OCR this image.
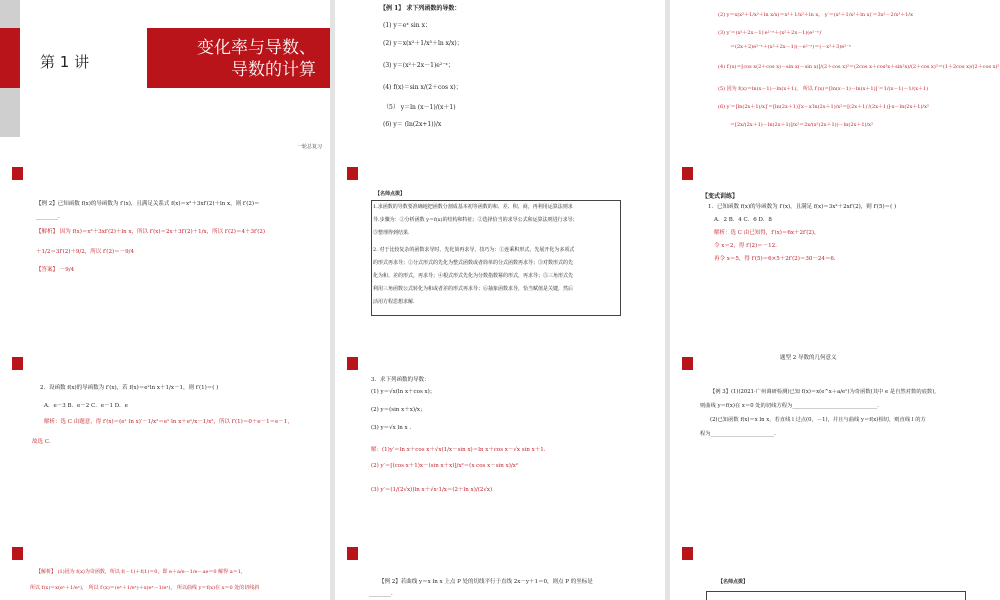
第 1 讲
变化率与导数、
导数的计算
一轮总复习
【例 1】 求下列函数的导数：
(1) y＝eˣ sin x；
(2) y＝x(x²＋1/x³＋ln x/x)；
(3) y＝(x²＋2x－1)e²⁻ˣ；
(4) f(x)＝sin x/(2＋cos x)；
（5） y＝ln (x－1)/(x＋1)
(6) y＝ (ln(2x+1))/x
(2) y＝x(x²＋1/x³＋ln x/x)＝x³＋1/x²＋ln x， y′＝(x³＋1/x²＋ln x)′＝3x²－2/x³＋1/x
(3) y′＝(x²＋2x－1)′e²⁻ˣ＋(x²＋2x－1)(e²⁻ˣ)′
＝(2x＋2)e²⁻ˣ＋(x²＋2x－1)(－e²⁻ˣ)＝(－x²＋3)e²⁻ˣ
(4) f′(x)＝[cos x(2＋cos x)－sin x(－sin x)]/(2＋cos x)²＝(2cos x＋cos²x＋sin²x)/(2＋cos x)²＝(1＋2cos x)/(2＋cos x)²
(5) 因为 f(x)＝ln(x－1)－ln(x＋1)， 所以 f′(x)＝[ln(x－1)－ln(x＋1)]′＝1/(x－1)－1/(x＋1)
(6) y′＝[ln(2x＋1)/x]′＝[ln(2x＋1)]′x－x′ln(2x＋1)/x²＝[(2x＋1)′/(2x＋1)]·x－ln(2x＋1)/x²
＝[2x/(2x＋1)－ln(2x＋1)]/x²＝2x/(x²(2x＋1))－ln(2x＋1)/x²
【例 2】已知函数 f(x)的导函数为 f′(x)，且满足关系式 f(x)＝x²＋3xf′(2)＋ln x，则 f′(2)＝
________.
【解析】 因为 f(x)＝x²＋3xf′(2)＋ln x，所以 f′(x)＝2x＋3f′(2)＋1/x，所以 f′(2)＝4＋3f′(2)
＋1/2＝3f′(2)＋9/2，所以 f′(2)＝－9/4
【答案】 －9/4
【名师点拨】
1.求函数的导数要准确地把函数分割成基本初等函数的和、差、积、商，再利用运算法则求
导.步骤为：①分析函数 y＝f(x)的结构和特征；②选择恰当的求导公式和运算法则进行求导；
③整理得到结果.
2. 对于比较复杂的函数求导时，先化简再求导，技巧为：①连乘积形式，先展开化为多项式
的形式再求导；②分式形式的先化为整式函数或者简单的分式函数再求导；③对数形式的先
化为和、差的形式，再求导；④根式形式先化为分数指数幂的形式，再求导；⑤三角形式先
利用三角函数公式转化为和或者差的形式再求导；⑥抽象函数求导，恰当赋值是关键，然后
活用方程思想求解.
【变式训练】
1．已知函数 f(x)的导函数为 f′(x)，且满足 f(x)＝3x²＋2xf′(2)，则 f′(5)＝( )
A．2 B．4 C．6 D．8
解析：选 C 由已知得，f′(x)＝6x＋2f′(2)，
令 x＝2，得 f′(2)＝－12.
再令 x＝5，得 f′(5)＝6×5＋2f′(2)＝30－24＝6.
2．设函数 f(x)的导函数为 f′(x)，若 f(x)＝eˣln x＋1/x－1，则 f′(1)＝( )
A．e－3 B．e－2 C．e－1 D．e
解析：选 C 由题意，得 f′(x)＝(eˣ ln x)′－1/x²＝eˣ ln x＋eˣ/x－1/x²，所以 f′(1)＝0＋e－1＝e－1，
故选 C.
3．求下列函数的导数：
(1) y＝√x(ln x＋cos x)；
(2) y＝(sin x＋x)/x；
(3) y＝√x ln x .
解：(1)y′＝ln x＋cos x＋√x(1/x－sin x)＝ln x＋cos x－√x sin x＋1.
(2) y′＝[(cos x＋1)x－(sin x＋x)]/x²＝(x cos x－sin x)/x²
(3) y′＝(1/(2√x))ln x＋√x·1/x＝(2＋ln x)/(2√x)
题型 2 导数的几何意义
【例 3】(1)(2021·广州调研检测)已知 f(x)＝x(e^x＋a/eˣ)为奇函数(其中 e 是自然对数的底数)，
则曲线 y＝f(x)在 x＝0 处的切线方程为________________________________.
(2)已知函数 f(x)＝x ln x，若直线 l 过点(0，－1)，并且与曲线 y＝f(x)相切，则直线 l 的方
程为________________________.
【解析】 (1)因为 f(x)为奇函数，所以 f(－1)＋f(1)＝0，即 e＋a/e－1/e－ae＝0 解得 a＝1，
所以 f(x)＝x(eˣ＋1/eˣ)， 所以 f′(x)＝(eˣ＋1/eˣ)＋x(eˣ－1/eˣ)， 所以曲线 y＝f(x)在 x＝0 处的切线斜
【例 2】若曲线 y＝x ln x 上点 P 处的切线平行于直线 2x－y＋1＝0，则点 P 的坐标是
________.
【名师点拨】
